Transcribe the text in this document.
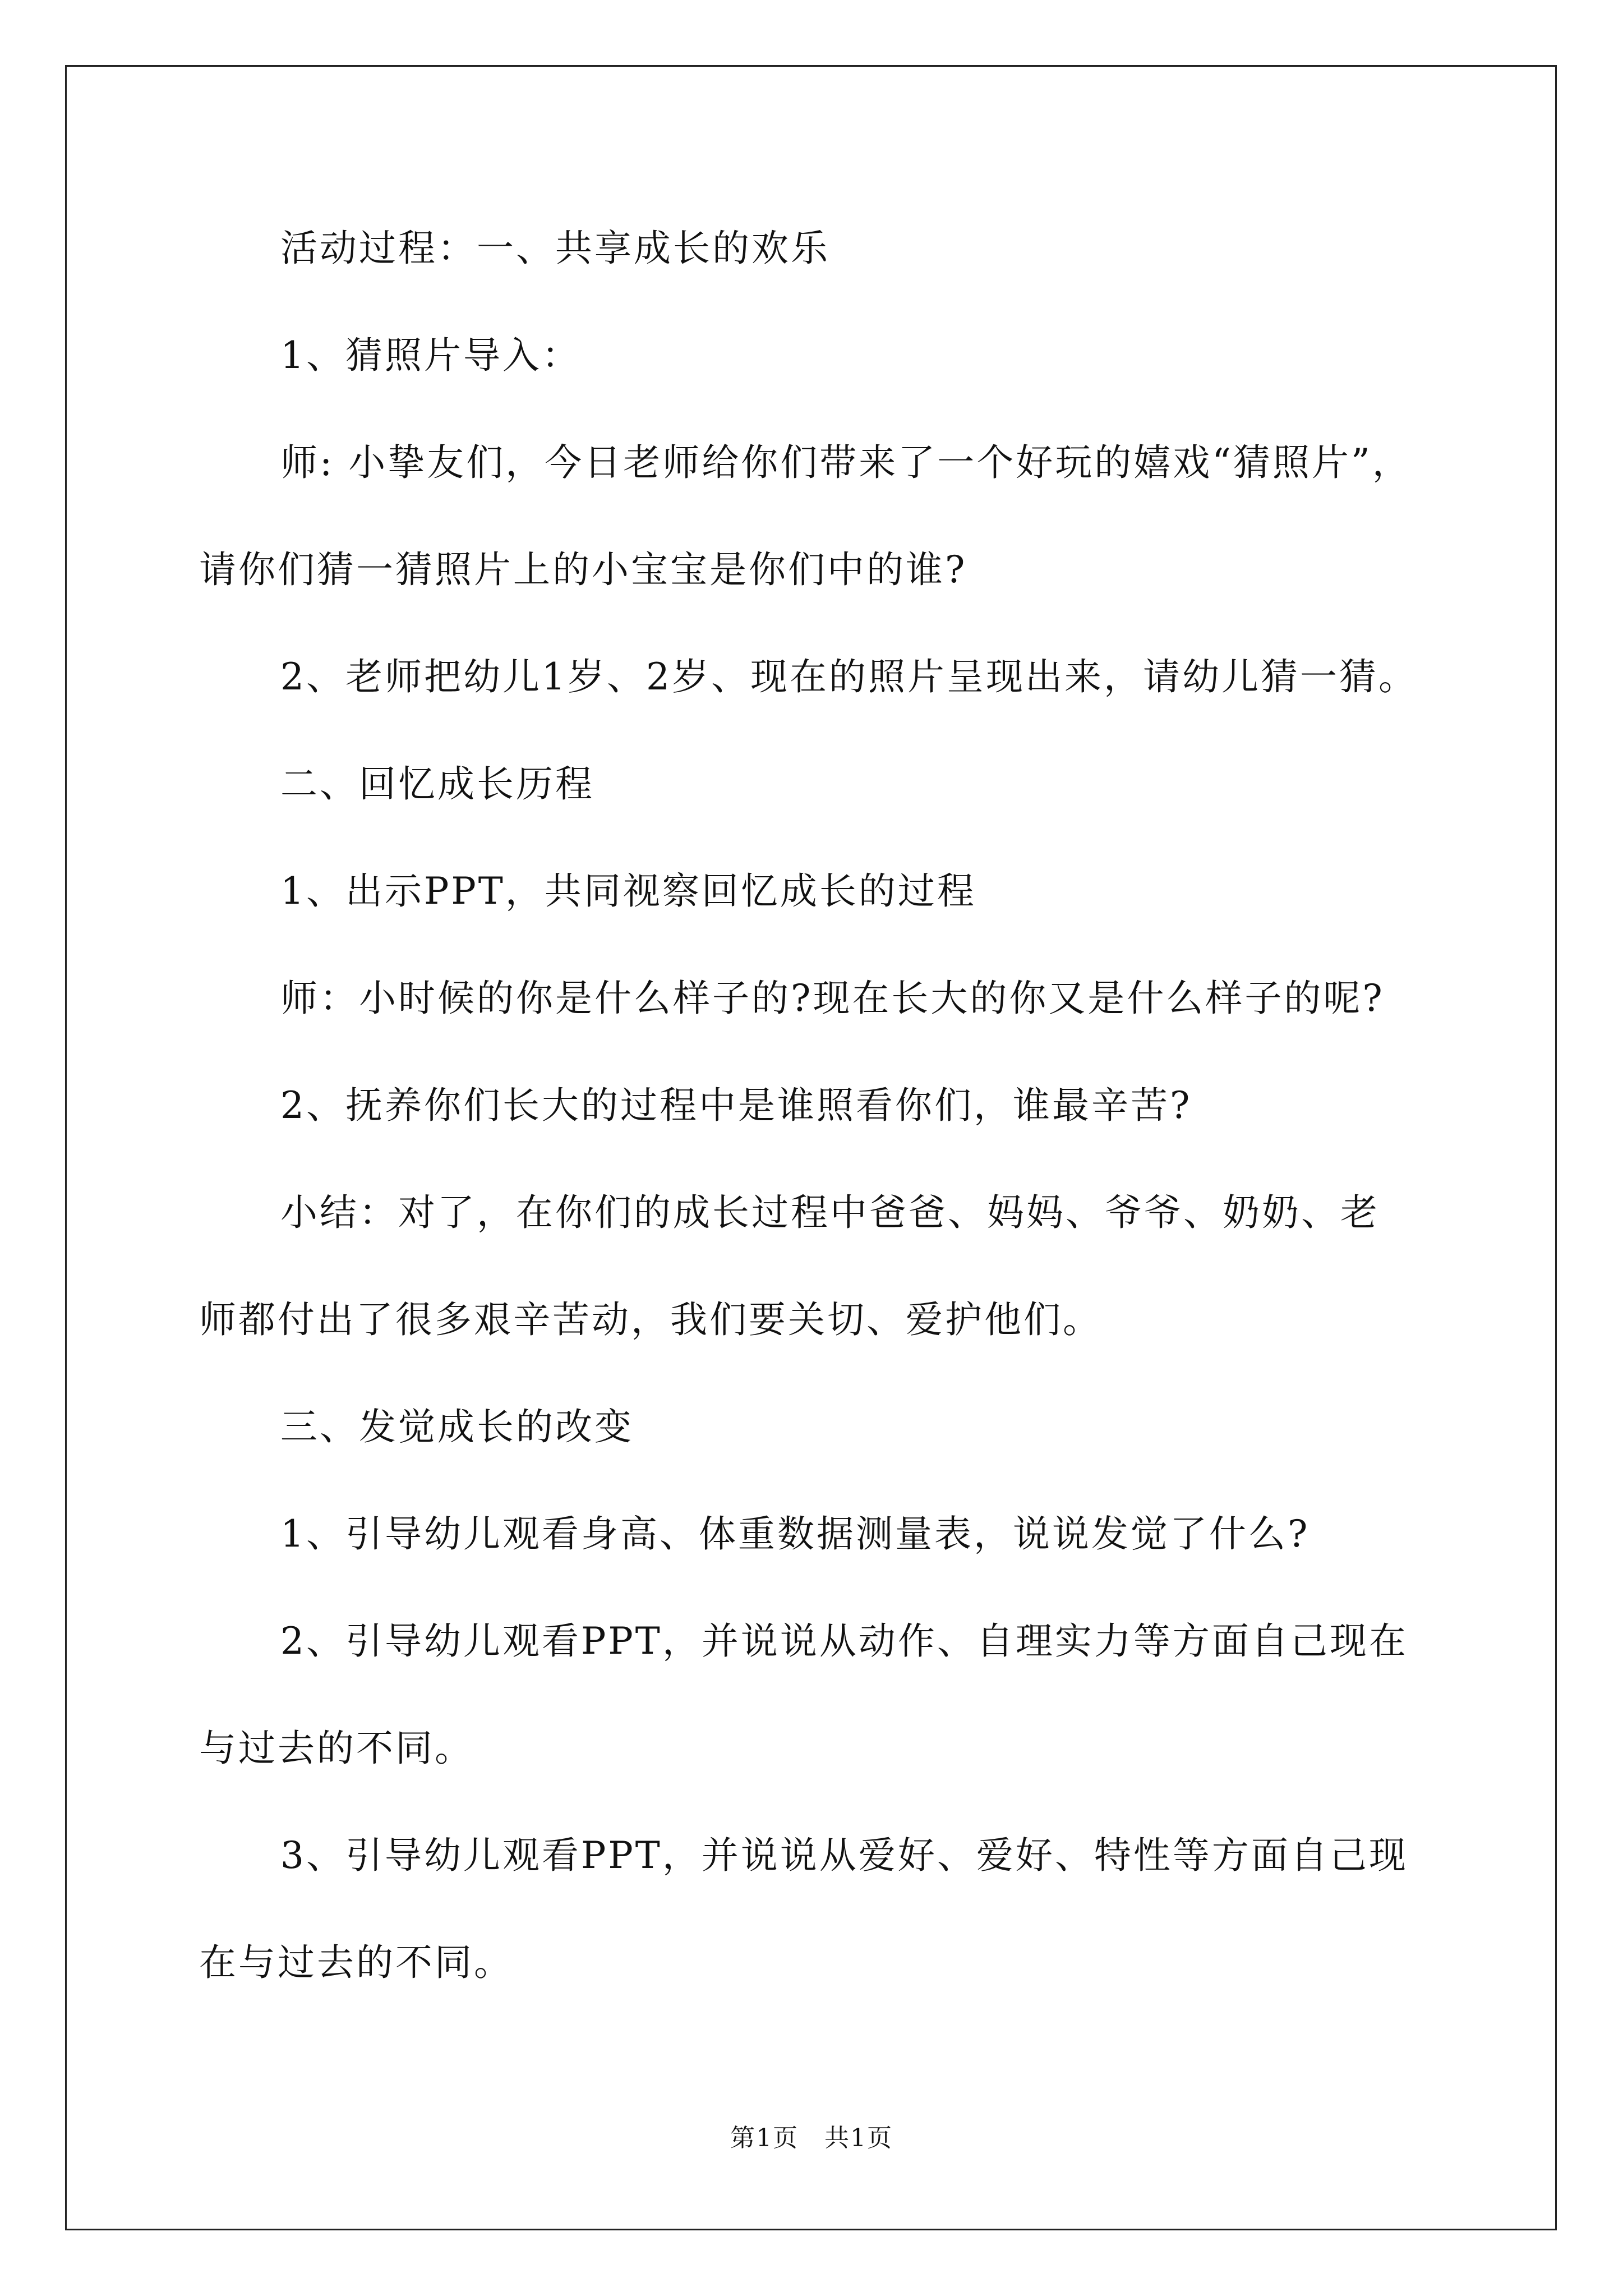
活动过程：一、共享成长的欢乐

1、猜照片导入：

师: 小挚友们，今日老师给你们带来了一个好玩的嬉戏“猜照片”，
请你们猜一猜照片上的小宝宝是你们中的谁?

2、老师把幼儿1岁、2岁、现在的照片呈现出来，请幼儿猜一猜。

二、回忆成长历程

1、出示PPT，共同视察回忆成长的过程

师：小时候的你是什么样子的?现在长大的你又是什么样子的呢?

2、抚养你们长大的过程中是谁照看你们，谁最辛苦?

小结：对了，在你们的成长过程中爸爸、妈妈、爷爷、奶奶、老
师都付出了很多艰辛苦动，我们要关切、爱护他们。

三、发觉成长的改变

1、引导幼儿观看身高、体重数据测量表，说说发觉了什么?

2、引导幼儿观看PPT，并说说从动作、自理实力等方面自己现在
与过去的不同。

3、引导幼儿观看PPT，并说说从爱好、爱好、特性等方面自己现
在与过去的不同。

第1页　共1页
